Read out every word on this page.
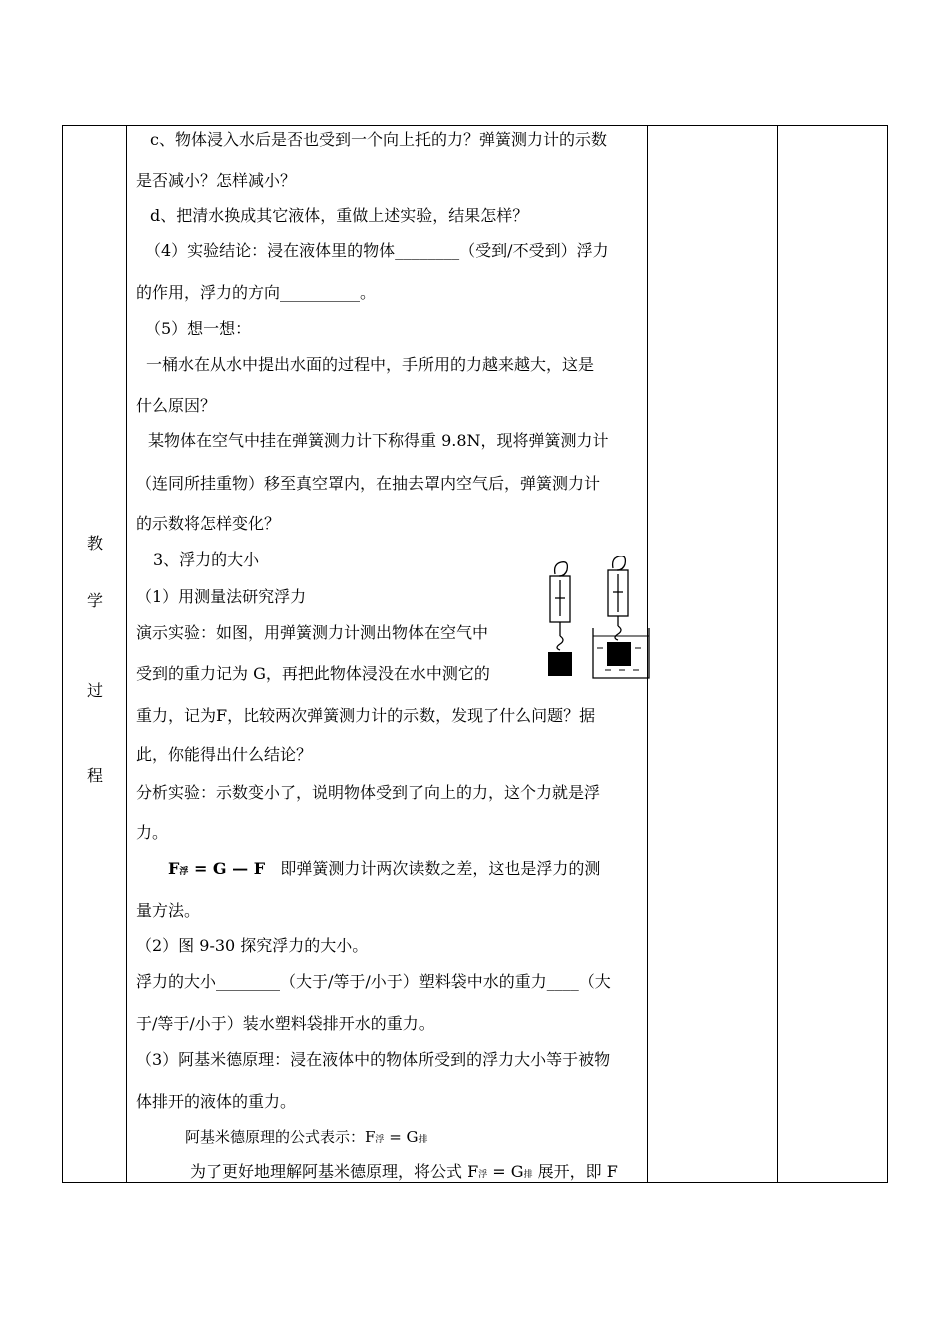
教
学
过
程
c、物体浸入水后是否也受到一个向上托的力？弹簧测力计的示数
是否减小？怎样减小？
d、把清水换成其它液体，重做上述实验，结果怎样？
（4）实验结论：浸在液体里的物体________（受到/不受到）浮力
的作用，浮力的方向__________。
（5）想一想：
一桶水在从水中提出水面的过程中，手所用的力越来越大，这是
什么原因？
某物体在空气中挂在弹簧测力计下称得重 9.8N，现将弹簧测力计
（连同所挂重物）移至真空罩内，在抽去罩内空气后，弹簧测力计
的示数将怎样变化？
3、浮力的大小
（1）用测量法研究浮力
演示实验：如图，用弹簧测力计测出物体在空气中
受到的重力记为 G，再把此物体浸没在水中测它的
重力，记为F，比较两次弹簧测力计的示数，发现了什么问题？据
此，你能得出什么结论？
分析实验：示数变小了，说明物体受到了向上的力，这个力就是浮
力。
F浮 = G — F 即弹簧测力计两次读数之差，这也是浮力的测
量方法。
（2）图 9-30 探究浮力的大小。
浮力的大小________（大于/等于/小于）塑料袋中水的重力____（大
于/等于/小于）装水塑料袋排开水的重力。
（3）阿基米德原理：浸在液体中的物体所受到的浮力大小等于被物
体排开的液体的重力。
阿基米德原理的公式表示：F浮 = G排
为了更好地理解阿基米德原理，将公式 F浮 = G排 展开，即 F
